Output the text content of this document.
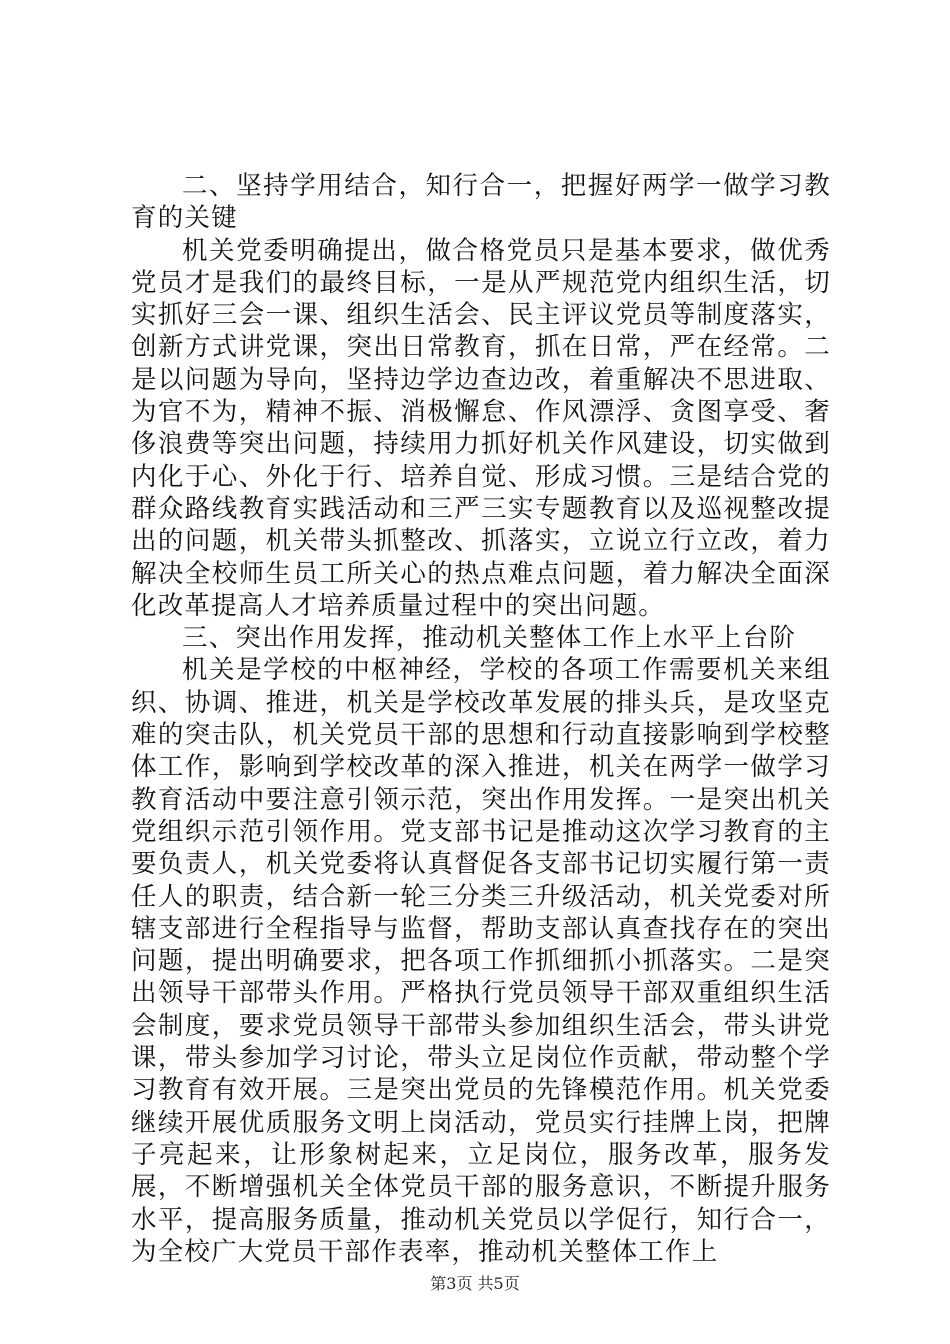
二、坚持学用结合，知行合一，把握好两学一做学习教育的关键

机关党委明确提出，做合格党员只是基本要求，做优秀党员才是我们的最终目标，一是从严规范党内组织生活，切实抓好三会一课、组织生活会、民主评议党员等制度落实，创新方式讲党课，突出日常教育，抓在日常，严在经常。二是以问题为导向，坚持边学边查边改，着重解决不思进取、为官不为，精神不振、消极懈怠、作风漂浮、贪图享受、奢侈浪费等突出问题，持续用力抓好机关作风建设，切实做到内化于心、外化于行、培养自觉、形成习惯。三是结合党的群众路线教育实践活动和三严三实专题教育以及巡视整改提出的问题，机关带头抓整改、抓落实，立说立行立改，着力解决全校师生员工所关心的热点难点问题，着力解决全面深化改革提高人才培养质量过程中的突出问题。

三、突出作用发挥，推动机关整体工作上水平上台阶

机关是学校的中枢神经，学校的各项工作需要机关来组织、协调、推进，机关是学校改革发展的排头兵，是攻坚克难的突击队，机关党员干部的思想和行动直接影响到学校整体工作，影响到学校改革的深入推进，机关在两学一做学习教育活动中要注意引领示范，突出作用发挥。一是突出机关党组织示范引领作用。党支部书记是推动这次学习教育的主要负责人，机关党委将认真督促各支部书记切实履行第一责任人的职责，结合新一轮三分类三升级活动，机关党委对所辖支部进行全程指导与监督，帮助支部认真查找存在的突出问题，提出明确要求，把各项工作抓细抓小抓落实。二是突出领导干部带头作用。严格执行党员领导干部双重组织生活会制度，要求党员领导干部带头参加组织生活会，带头讲党课，带头参加学习讨论，带头立足岗位作贡献，带动整个学习教育有效开展。三是突出党员的先锋模范作用。机关党委继续开展优质服务文明上岗活动，党员实行挂牌上岗，把牌子亮起来，让形象树起来，立足岗位，服务改革，服务发展，不断增强机关全体党员干部的服务意识，不断提升服务水平，提高服务质量，推动机关党员以学促行，知行合一，为全校广大党员干部作表率，推动机关整体工作上

第3页 共5页
